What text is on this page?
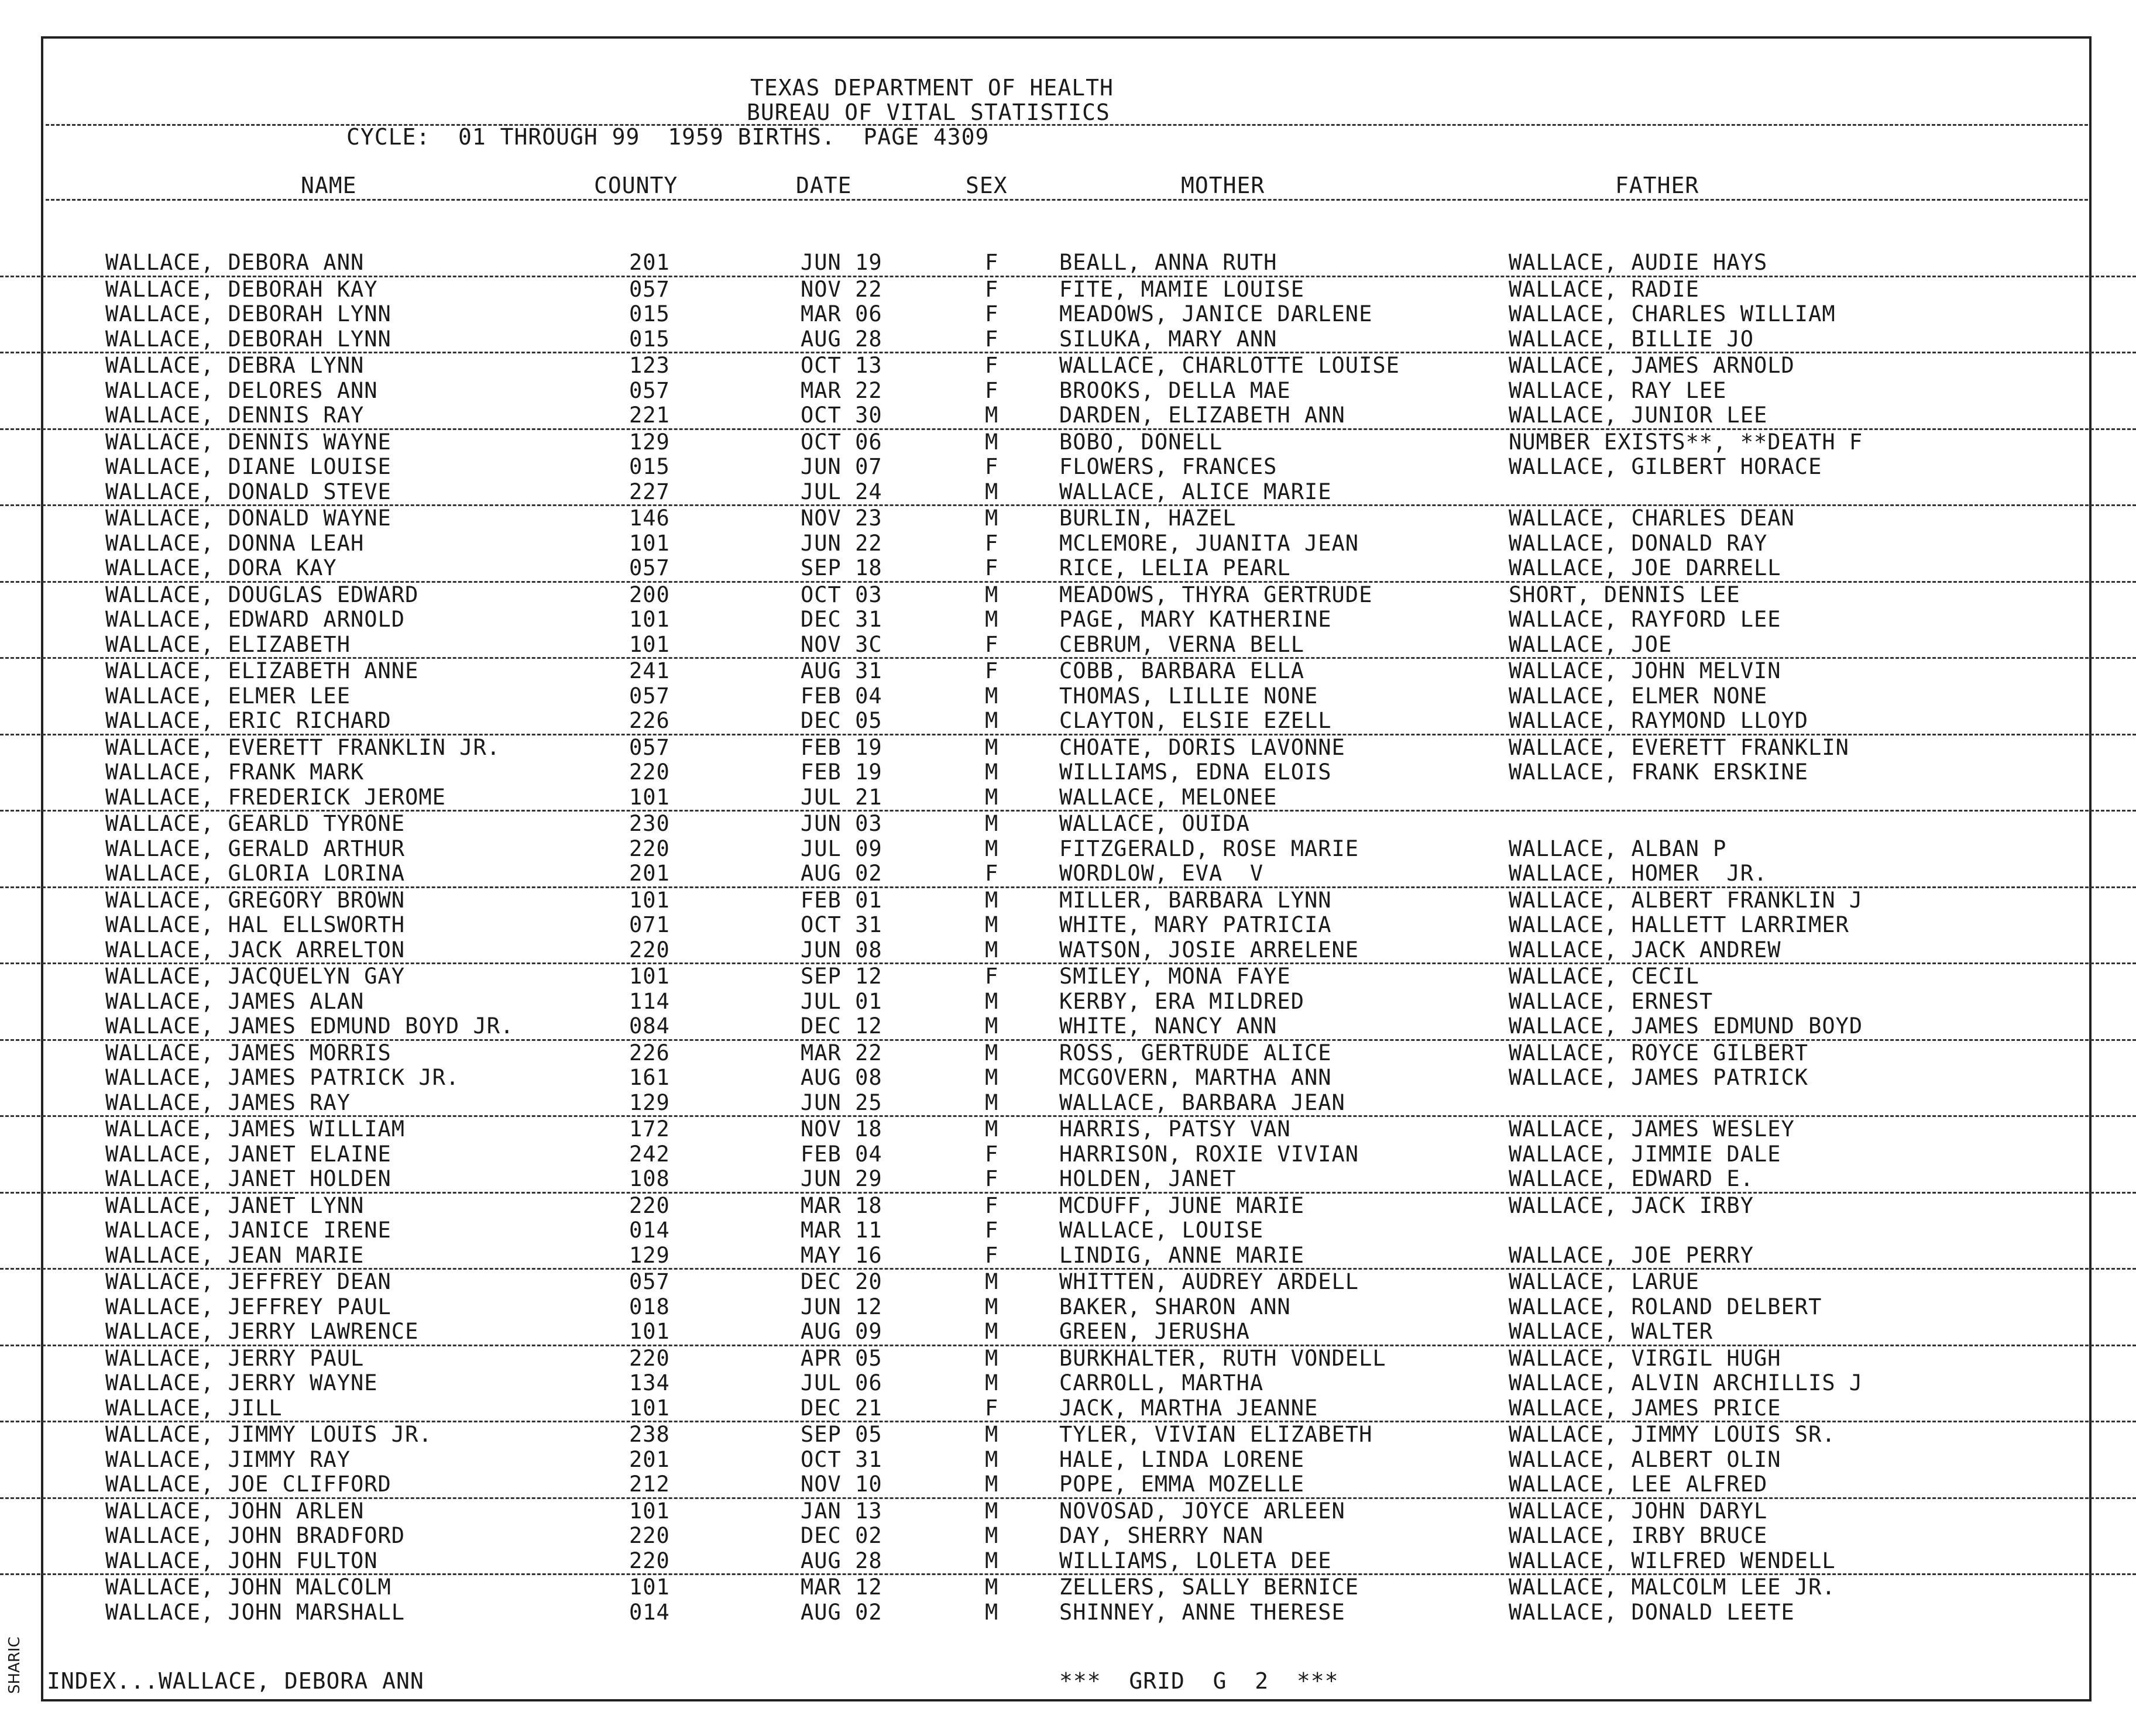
TEXAS DEPARTMENT OF HEALTH
BUREAU OF VITAL STATISTICS
CYCLE:  01 THROUGH 99  1959 BIRTHS.  PAGE 4309
NAME	COUNTY	DATE	SEX	MOTHER	FATHER
WALLACE, DEBORA ANN	201	JUN 19	F	BEALL, ANNA RUTH	WALLACE, AUDIE HAYS
WALLACE, DEBORAH KAY	057	NOV 22	F	FITE, MAMIE LOUISE	WALLACE, RADIE
WALLACE, DEBORAH LYNN	015	MAR 06	F	MEADOWS, JANICE DARLENE	WALLACE, CHARLES WILLIAM
WALLACE, DEBORAH LYNN	015	AUG 28	F	SILUKA, MARY ANN	WALLACE, BILLIE JO
WALLACE, DEBRA LYNN	123	OCT 13	F	WALLACE, CHARLOTTE LOUISE	WALLACE, JAMES ARNOLD
WALLACE, DELORES ANN	057	MAR 22	F	BROOKS, DELLA MAE	WALLACE, RAY LEE
WALLACE, DENNIS RAY	221	OCT 30	M	DARDEN, ELIZABETH ANN	WALLACE, JUNIOR LEE
WALLACE, DENNIS WAYNE	129	OCT 06	M	BOBO, DONELL	NUMBER EXISTS**, **DEATH F
WALLACE, DIANE LOUISE	015	JUN 07	F	FLOWERS, FRANCES	WALLACE, GILBERT HORACE
WALLACE, DONALD STEVE	227	JUL 24	M	WALLACE, ALICE MARIE
WALLACE, DONALD WAYNE	146	NOV 23	M	BURLIN, HAZEL	WALLACE, CHARLES DEAN
WALLACE, DONNA LEAH	101	JUN 22	F	MCLEMORE, JUANITA JEAN	WALLACE, DONALD RAY
WALLACE, DORA KAY	057	SEP 18	F	RICE, LELIA PEARL	WALLACE, JOE DARRELL
WALLACE, DOUGLAS EDWARD	200	OCT 03	M	MEADOWS, THYRA GERTRUDE	SHORT, DENNIS LEE
WALLACE, EDWARD ARNOLD	101	DEC 31	M	PAGE, MARY KATHERINE	WALLACE, RAYFORD LEE
WALLACE, ELIZABETH	101	NOV 3C	F	CEBRUM, VERNA BELL	WALLACE, JOE
WALLACE, ELIZABETH ANNE	241	AUG 31	F	COBB, BARBARA ELLA	WALLACE, JOHN MELVIN
WALLACE, ELMER LEE	057	FEB 04	M	THOMAS, LILLIE NONE	WALLACE, ELMER NONE
WALLACE, ERIC RICHARD	226	DEC 05	M	CLAYTON, ELSIE EZELL	WALLACE, RAYMOND LLOYD
WALLACE, EVERETT FRANKLIN JR.	057	FEB 19	M	CHOATE, DORIS LAVONNE	WALLACE, EVERETT FRANKLIN
WALLACE, FRANK MARK	220	FEB 19	M	WILLIAMS, EDNA ELOIS	WALLACE, FRANK ERSKINE
WALLACE, FREDERICK JEROME	101	JUL 21	M	WALLACE, MELONEE
WALLACE, GEARLD TYRONE	230	JUN 03	M	WALLACE, OUIDA
WALLACE, GERALD ARTHUR	220	JUL 09	M	FITZGERALD, ROSE MARIE	WALLACE, ALBAN P
WALLACE, GLORIA LORINA	201	AUG 02	F	WORDLOW, EVA  V	WALLACE, HOMER  JR.
WALLACE, GREGORY BROWN	101	FEB 01	M	MILLER, BARBARA LYNN	WALLACE, ALBERT FRANKLIN J
WALLACE, HAL ELLSWORTH	071	OCT 31	M	WHITE, MARY PATRICIA	WALLACE, HALLETT LARRIMER
WALLACE, JACK ARRELTON	220	JUN 08	M	WATSON, JOSIE ARRELENE	WALLACE, JACK ANDREW
WALLACE, JACQUELYN GAY	101	SEP 12	F	SMILEY, MONA FAYE	WALLACE, CECIL
WALLACE, JAMES ALAN	114	JUL 01	M	KERBY, ERA MILDRED	WALLACE, ERNEST
WALLACE, JAMES EDMUND BOYD JR.	084	DEC 12	M	WHITE, NANCY ANN	WALLACE, JAMES EDMUND BOYD
WALLACE, JAMES MORRIS	226	MAR 22	M	ROSS, GERTRUDE ALICE	WALLACE, ROYCE GILBERT
WALLACE, JAMES PATRICK JR.	161	AUG 08	M	MCGOVERN, MARTHA ANN	WALLACE, JAMES PATRICK
WALLACE, JAMES RAY	129	JUN 25	M	WALLACE, BARBARA JEAN
WALLACE, JAMES WILLIAM	172	NOV 18	M	HARRIS, PATSY VAN	WALLACE, JAMES WESLEY
WALLACE, JANET ELAINE	242	FEB 04	F	HARRISON, ROXIE VIVIAN	WALLACE, JIMMIE DALE
WALLACE, JANET HOLDEN	108	JUN 29	F	HOLDEN, JANET	WALLACE, EDWARD E.
WALLACE, JANET LYNN	220	MAR 18	F	MCDUFF, JUNE MARIE	WALLACE, JACK IRBY
WALLACE, JANICE IRENE	014	MAR 11	F	WALLACE, LOUISE
WALLACE, JEAN MARIE	129	MAY 16	F	LINDIG, ANNE MARIE	WALLACE, JOE PERRY
WALLACE, JEFFREY DEAN	057	DEC 20	M	WHITTEN, AUDREY ARDELL	WALLACE, LARUE
WALLACE, JEFFREY PAUL	018	JUN 12	M	BAKER, SHARON ANN	WALLACE, ROLAND DELBERT
WALLACE, JERRY LAWRENCE	101	AUG 09	M	GREEN, JERUSHA	WALLACE, WALTER
WALLACE, JERRY PAUL	220	APR 05	M	BURKHALTER, RUTH VONDELL	WALLACE, VIRGIL HUGH
WALLACE, JERRY WAYNE	134	JUL 06	M	CARROLL, MARTHA	WALLACE, ALVIN ARCHILLIS J
WALLACE, JILL	101	DEC 21	F	JACK, MARTHA JEANNE	WALLACE, JAMES PRICE
WALLACE, JIMMY LOUIS JR.	238	SEP 05	M	TYLER, VIVIAN ELIZABETH	WALLACE, JIMMY LOUIS SR.
WALLACE, JIMMY RAY	201	OCT 31	M	HALE, LINDA LORENE	WALLACE, ALBERT OLIN
WALLACE, JOE CLIFFORD	212	NOV 10	M	POPE, EMMA MOZELLE	WALLACE, LEE ALFRED
WALLACE, JOHN ARLEN	101	JAN 13	M	NOVOSAD, JOYCE ARLEEN	WALLACE, JOHN DARYL
WALLACE, JOHN BRADFORD	220	DEC 02	M	DAY, SHERRY NAN	WALLACE, IRBY BRUCE
WALLACE, JOHN FULTON	220	AUG 28	M	WILLIAMS, LOLETA DEE	WALLACE, WILFRED WENDELL
WALLACE, JOHN MALCOLM	101	MAR 12	M	ZELLERS, SALLY BERNICE	WALLACE, MALCOLM LEE JR.
WALLACE, JOHN MARSHALL	014	AUG 02	M	SHINNEY, ANNE THERESE	WALLACE, DONALD LEETE
INDEX...WALLACE, DEBORA ANN	***  GRID  G  2  ***
SHARIC
